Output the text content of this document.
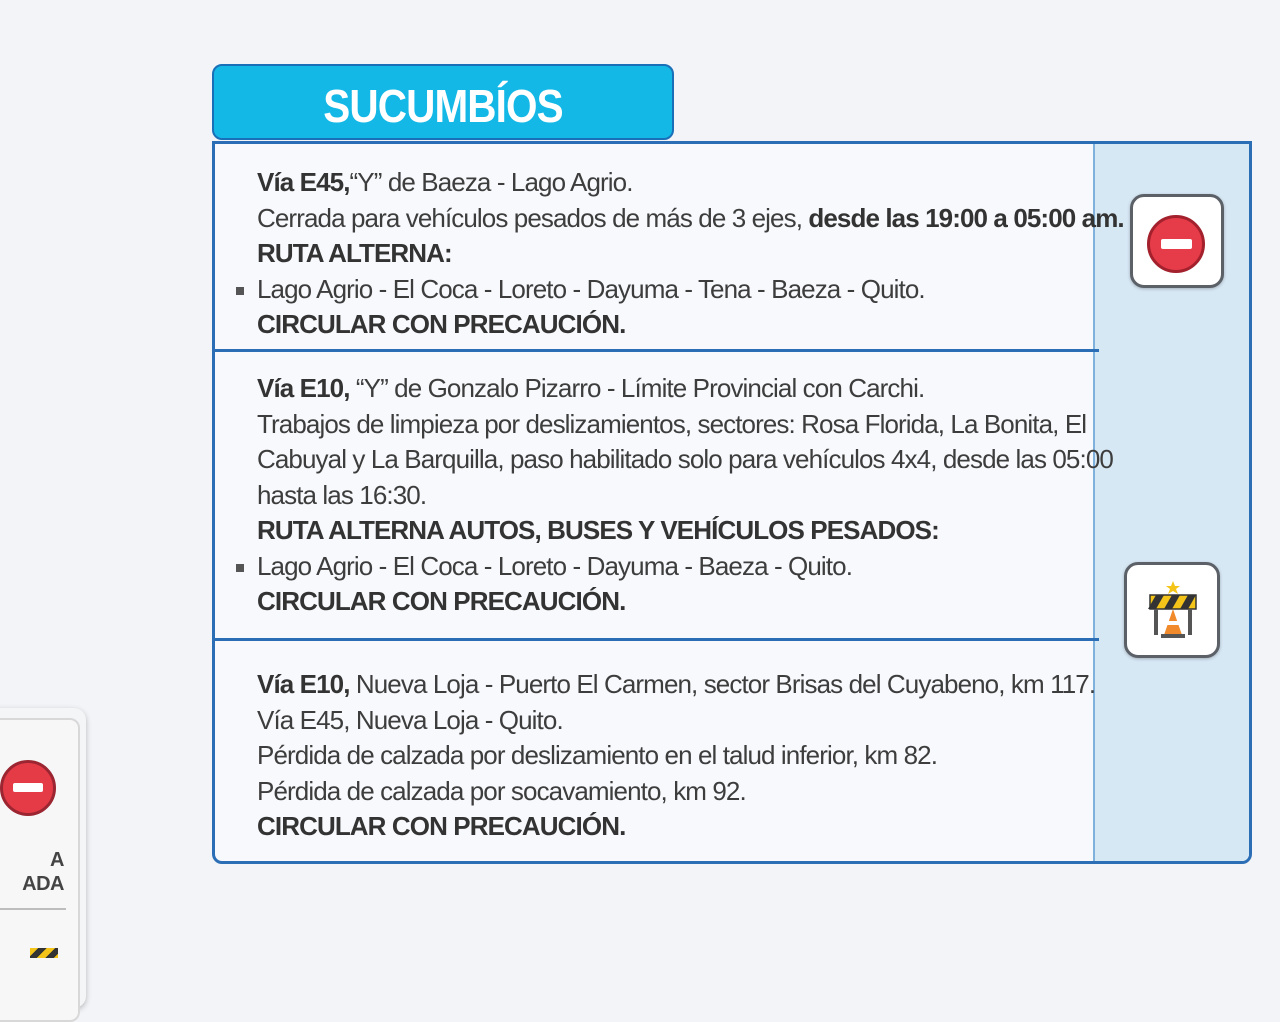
A
ADA
SUCUMBÍOS
Vía E45,“Y” de Baeza - Lago Agrio.
Cerrada para vehículos pesados de más de 3 ejes, desde las 19:00 a 05:00 am.
RUTA ALTERNA:
Lago Agrio - El Coca - Loreto - Dayuma - Tena - Baeza - Quito.
CIRCULAR CON PRECAUCIÓN.
Vía E10, “Y” de Gonzalo Pizarro - Límite Provincial con Carchi.
Trabajos de limpieza por deslizamientos, sectores: Rosa Florida, La Bonita, El Cabuyal y La Barquilla, paso habilitado solo para vehículos 4x4, desde las 05:00 hasta las 16:30.
RUTA ALTERNA AUTOS, BUSES Y VEHÍCULOS PESADOS:
Lago Agrio - El Coca - Loreto - Dayuma - Baeza - Quito.
CIRCULAR CON PRECAUCIÓN.
Vía E10, Nueva Loja - Puerto El Carmen, sector Brisas del Cuyabeno, km 117.
Vía E45, Nueva Loja - Quito.
Pérdida de calzada por deslizamiento en el talud inferior, km 82.
Pérdida de calzada por socavamiento, km 92.
CIRCULAR CON PRECAUCIÓN.
